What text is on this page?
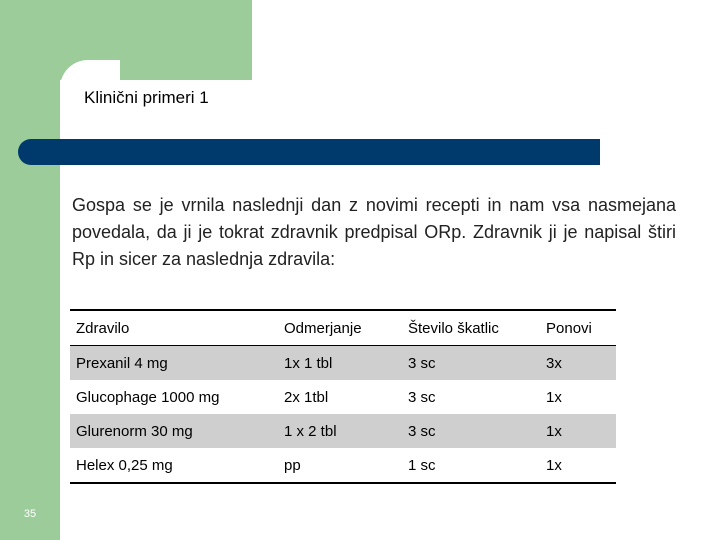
Klinični primeri 1
Gospa se je vrnila naslednji dan z novimi recepti in nam vsa nasmejana povedala, da ji je tokrat zdravnik predpisal ORp. Zdravnik ji je napisal štiri Rp in sicer za naslednja zdravila:
Zdravilo	Odmerjanje	Število škatlic	Ponovi
Prexanil 4 mg	1x 1 tbl	3 sc	3x
Glucophage 1000 mg	2x 1tbl	3 sc	1x
Glurenorm 30 mg	1 x 2 tbl	3 sc	1x
Helex 0,25 mg	pp	1 sc	1x
35
